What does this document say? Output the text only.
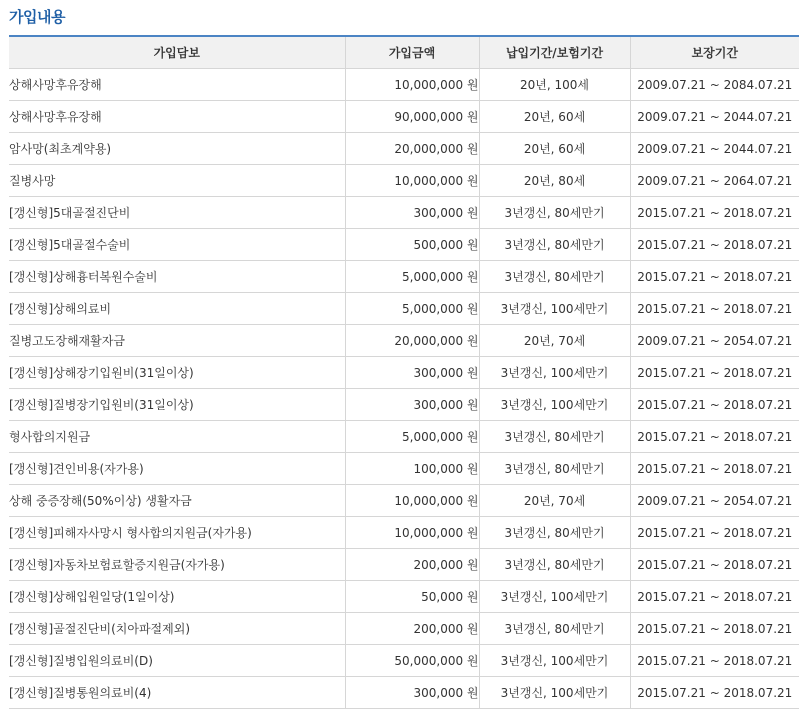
가입내용
가입담보	가입금액	납입기간/보험기간	보장기간
상해사망후유장해	10,000,000 원	20년, 100세	2009.07.21 ~ 2084.07.21
상해사망후유장해	90,000,000 원	20년, 60세	2009.07.21 ~ 2044.07.21
암사망(최초계약용)	20,000,000 원	20년, 60세	2009.07.21 ~ 2044.07.21
질병사망	10,000,000 원	20년, 80세	2009.07.21 ~ 2064.07.21
[갱신형]5대골절진단비	300,000 원	3년갱신, 80세만기	2015.07.21 ~ 2018.07.21
[갱신형]5대골절수술비	500,000 원	3년갱신, 80세만기	2015.07.21 ~ 2018.07.21
[갱신형]상해흉터복원수술비	5,000,000 원	3년갱신, 80세만기	2015.07.21 ~ 2018.07.21
[갱신형]상해의료비	5,000,000 원	3년갱신, 100세만기	2015.07.21 ~ 2018.07.21
질병고도장해재활자금	20,000,000 원	20년, 70세	2009.07.21 ~ 2054.07.21
[갱신형]상해장기입원비(31일이상)	300,000 원	3년갱신, 100세만기	2015.07.21 ~ 2018.07.21
[갱신형]질병장기입원비(31일이상)	300,000 원	3년갱신, 100세만기	2015.07.21 ~ 2018.07.21
형사합의지원금	5,000,000 원	3년갱신, 80세만기	2015.07.21 ~ 2018.07.21
[갱신형]견인비용(자가용)	100,000 원	3년갱신, 80세만기	2015.07.21 ~ 2018.07.21
상해 중증장해(50%이상) 생활자금	10,000,000 원	20년, 70세	2009.07.21 ~ 2054.07.21
[갱신형]피해자사망시 형사합의지원금(자가용)	10,000,000 원	3년갱신, 80세만기	2015.07.21 ~ 2018.07.21
[갱신형]자동차보험료할증지원금(자가용)	200,000 원	3년갱신, 80세만기	2015.07.21 ~ 2018.07.21
[갱신형]상해입원일당(1일이상)	50,000 원	3년갱신, 100세만기	2015.07.21 ~ 2018.07.21
[갱신형]골절진단비(치아파절제외)	200,000 원	3년갱신, 80세만기	2015.07.21 ~ 2018.07.21
[갱신형]질병입원의료비(D)	50,000,000 원	3년갱신, 100세만기	2015.07.21 ~ 2018.07.21
[갱신형]질병통원의료비(4)	300,000 원	3년갱신, 100세만기	2015.07.21 ~ 2018.07.21
